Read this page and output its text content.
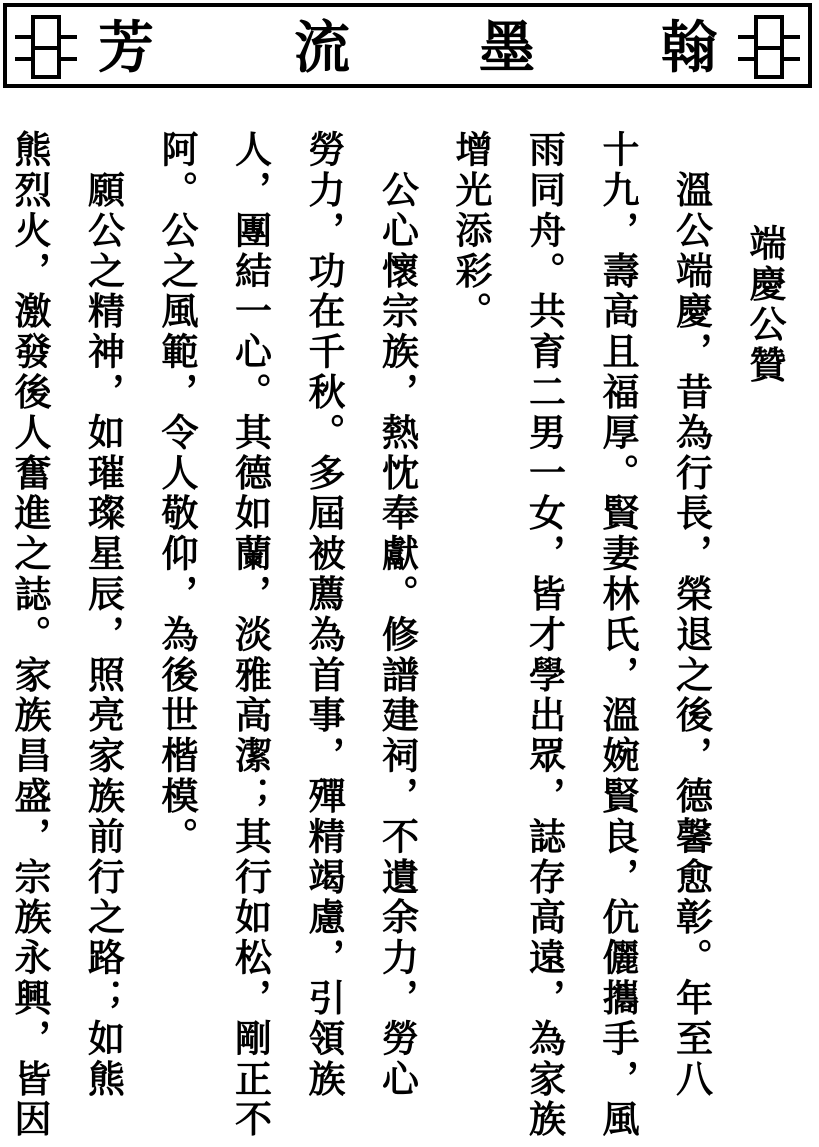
芳	流 墨 翰
端慶公贊
　溫公端慶，昔為行長，榮退之後，德馨愈彰。年至八
十九，壽高且福厚。賢妻林氏，溫婉賢良，伉儷攜手，風
雨同舟。共育二男一女，皆才學出眾，誌存高遠，為家族
增光添彩。
　公心懷宗族，熱忱奉獻。修譜建祠，不遺余力，勞心
勞力，功在千秋。多屆被薦為首事，殫精竭慮，引領族
人，團結一心。其德如蘭，淡雅高潔；其行如松，剛正不
阿。公之風範，令人敬仰，為後世楷模。
　願公之精神，如璀璨星辰，照亮家族前行之路；如熊
熊烈火，激發後人奮進之誌。家族昌盛，宗族永興，皆因
